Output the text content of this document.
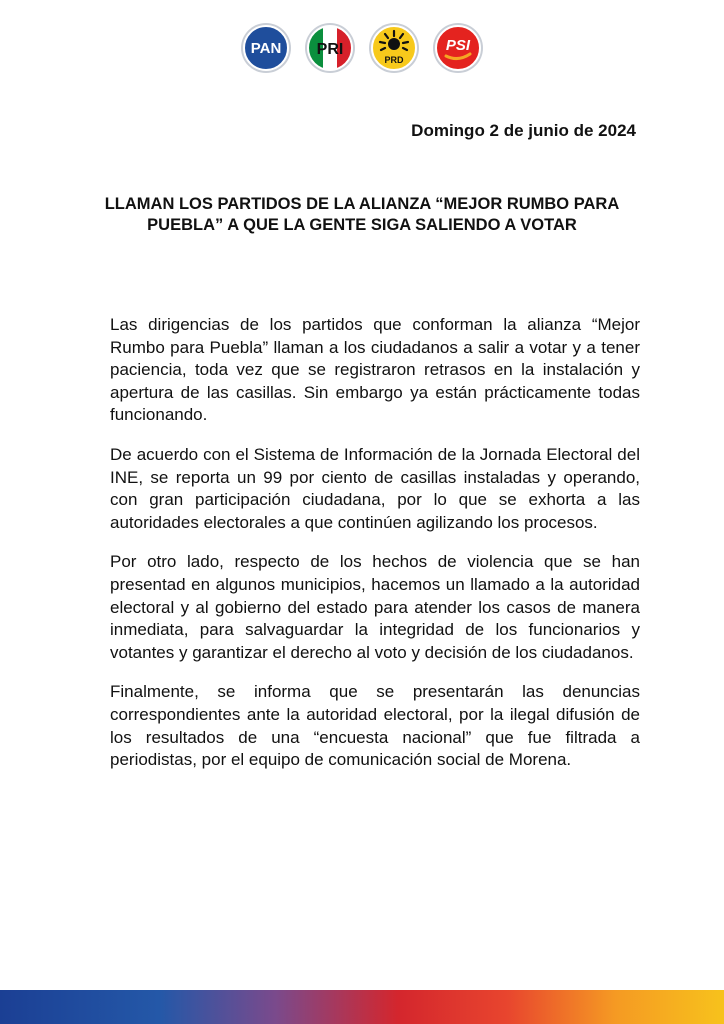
PAN PRI
PRD
PSI
Domingo 2 de junio de 2024
LLAMAN LOS PARTIDOS DE LA ALIANZA “MEJOR RUMBO PARA PUEBLA” A QUE LA GENTE SIGA SALIENDO A VOTAR

Las dirigencias de los partidos que conforman la alianza “Mejor Rumbo para Puebla” llaman a los ciudadanos a salir a votar y a tener paciencia, toda vez que se registraron retrasos en la instalación y apertura de las casillas. Sin embargo ya están prácticamente todas funcionando.

De acuerdo con el Sistema de Información de la Jornada Electoral del INE, se reporta un 99 por ciento de casillas instaladas y operando, con gran participación ciudadana, por lo que se exhorta a las autoridades electorales a que continúen agilizando los procesos.

Por otro lado, respecto de los hechos de violencia que se han presentad en algunos municipios, hacemos un llamado a la autoridad electoral y al gobierno del estado para atender los casos de manera inmediata, para salvaguardar la integridad de los funcionarios y votantes y garantizar el derecho al voto y decisión de los ciudadanos.

Finalmente, se informa que se presentarán las denuncias correspondientes ante la autoridad electoral, por la ilegal difusión de los resultados de una “encuesta nacional” que fue filtrada a periodistas, por el equipo de comunicación social de Morena.
